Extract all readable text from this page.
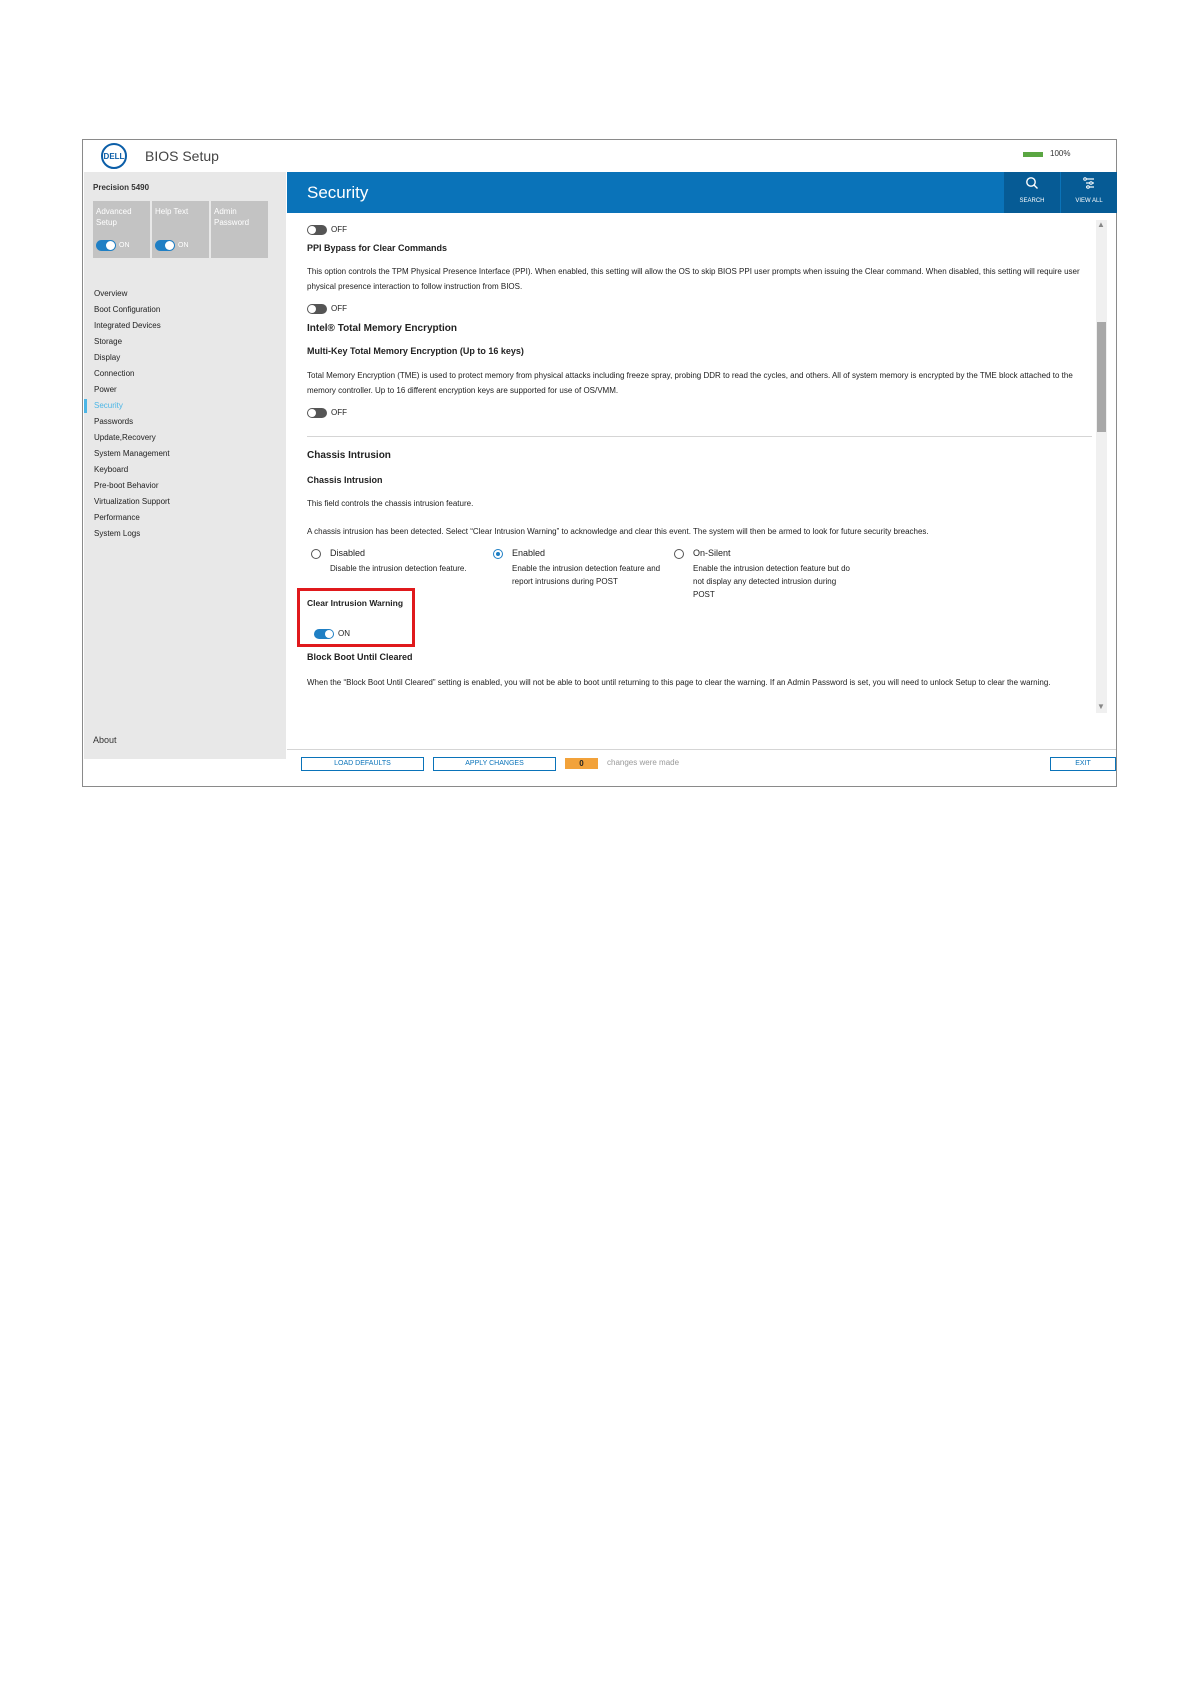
DELL BIOS Setup	100%
Precision 5490
Advanced Setup
ON
Help Text
ON
Admin Password
Overview
Boot Configuration
Integrated Devices
Storage
Display
Connection
Power
Security
Passwords
Update,Recovery
System Management
Keyboard
Pre-boot Behavior
Virtualization Support
Performance
System Logs
About
Security	SEARCH	VIEW ALL
OFF
PPI Bypass for Clear Commands
This option controls the TPM Physical Presence Interface (PPI). When enabled, this setting will allow the OS to skip BIOS PPI user prompts when issuing the Clear command. When disabled, this setting will require user physical presence interaction to follow instruction from BIOS.
OFF
Intel® Total Memory Encryption
Multi-Key Total Memory Encryption (Up to 16 keys)
Total Memory Encryption (TME) is used to protect memory from physical attacks including freeze spray, probing DDR to read the cycles, and others. All of system memory is encrypted by the TME block attached to the memory controller. Up to 16 different encryption keys are supported for use of OS/VMM.
OFF
Chassis Intrusion
Chassis Intrusion
This field controls the chassis intrusion feature.
A chassis intrusion has been detected. Select “Clear Intrusion Warning” to acknowledge and clear this event. The system will then be armed to look for future security breaches.
Disabled
Disable the intrusion detection feature.
Enabled
Enable the intrusion detection feature and report intrusions during POST
On-Silent
Enable the intrusion detection feature but do not display any detected intrusion during POST
Clear Intrusion Warning
ON
Block Boot Until Cleared
When the “Block Boot Until Cleared” setting is enabled, you will not be able to boot until returning to this page to clear the warning. If an Admin Password is set, you will need to unlock Setup to clear the warning.
▲
▼
LOAD DEFAULTS	APPLY CHANGES	0	changes were made	EXIT
